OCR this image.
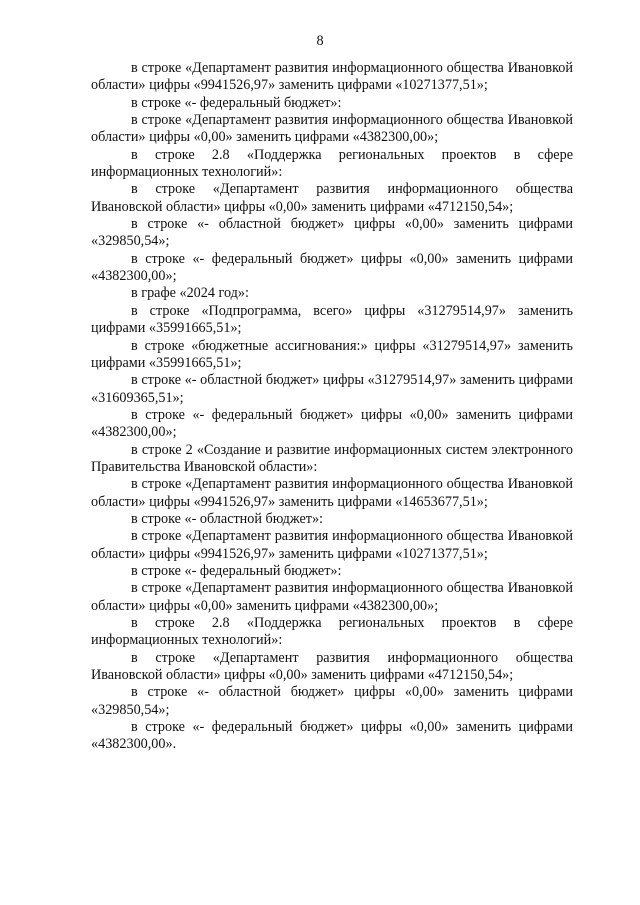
8

в строке «Департамент развития информационного общества Ивановкой области» цифры «9941526,97» заменить цифрами «10271377,51»;

в строке «- федеральный бюджет»:

в строке «Департамент развития информационного общества Ивановкой области» цифры «0,00» заменить цифрами «4382300,00»;

в строке 2.8 «Поддержка региональных проектов в сфере информационных технологий»:

в строке «Департамент развития информационного общества Ивановской области» цифры «0,00» заменить цифрами «4712150,54»;

в строке «- областной бюджет» цифры «0,00» заменить цифрами «329850,54»;

в строке «- федеральный бюджет» цифры «0,00» заменить цифрами «4382300,00»;

в графе «2024 год»:

в строке «Подпрограмма, всего» цифры «31279514,97» заменить цифрами «35991665,51»;

в строке «бюджетные ассигнования:» цифры «31279514,97» заменить цифрами «35991665,51»;

в строке «- областной бюджет» цифры «31279514,97» заменить цифрами «31609365,51»;

в строке «- федеральный бюджет» цифры «0,00» заменить цифрами «4382300,00»;

в строке 2 «Создание и развитие информационных систем электронного Правительства Ивановской области»:

в строке «Департамент развития информационного общества Ивановкой области» цифры «9941526,97» заменить цифрами «14653677,51»;

в строке «- областной бюджет»:

в строке «Департамент развития информационного общества Ивановкой области» цифры «9941526,97» заменить цифрами «10271377,51»;

в строке «- федеральный бюджет»:

в строке «Департамент развития информационного общества Ивановкой области» цифры «0,00» заменить цифрами «4382300,00»;

в строке 2.8 «Поддержка региональных проектов в сфере информационных технологий»:

в строке «Департамент развития информационного общества Ивановской области» цифры «0,00» заменить цифрами «4712150,54»;

в строке «- областной бюджет» цифры «0,00» заменить цифрами «329850,54»;

в строке «- федеральный бюджет» цифры «0,00» заменить цифрами «4382300,00».
